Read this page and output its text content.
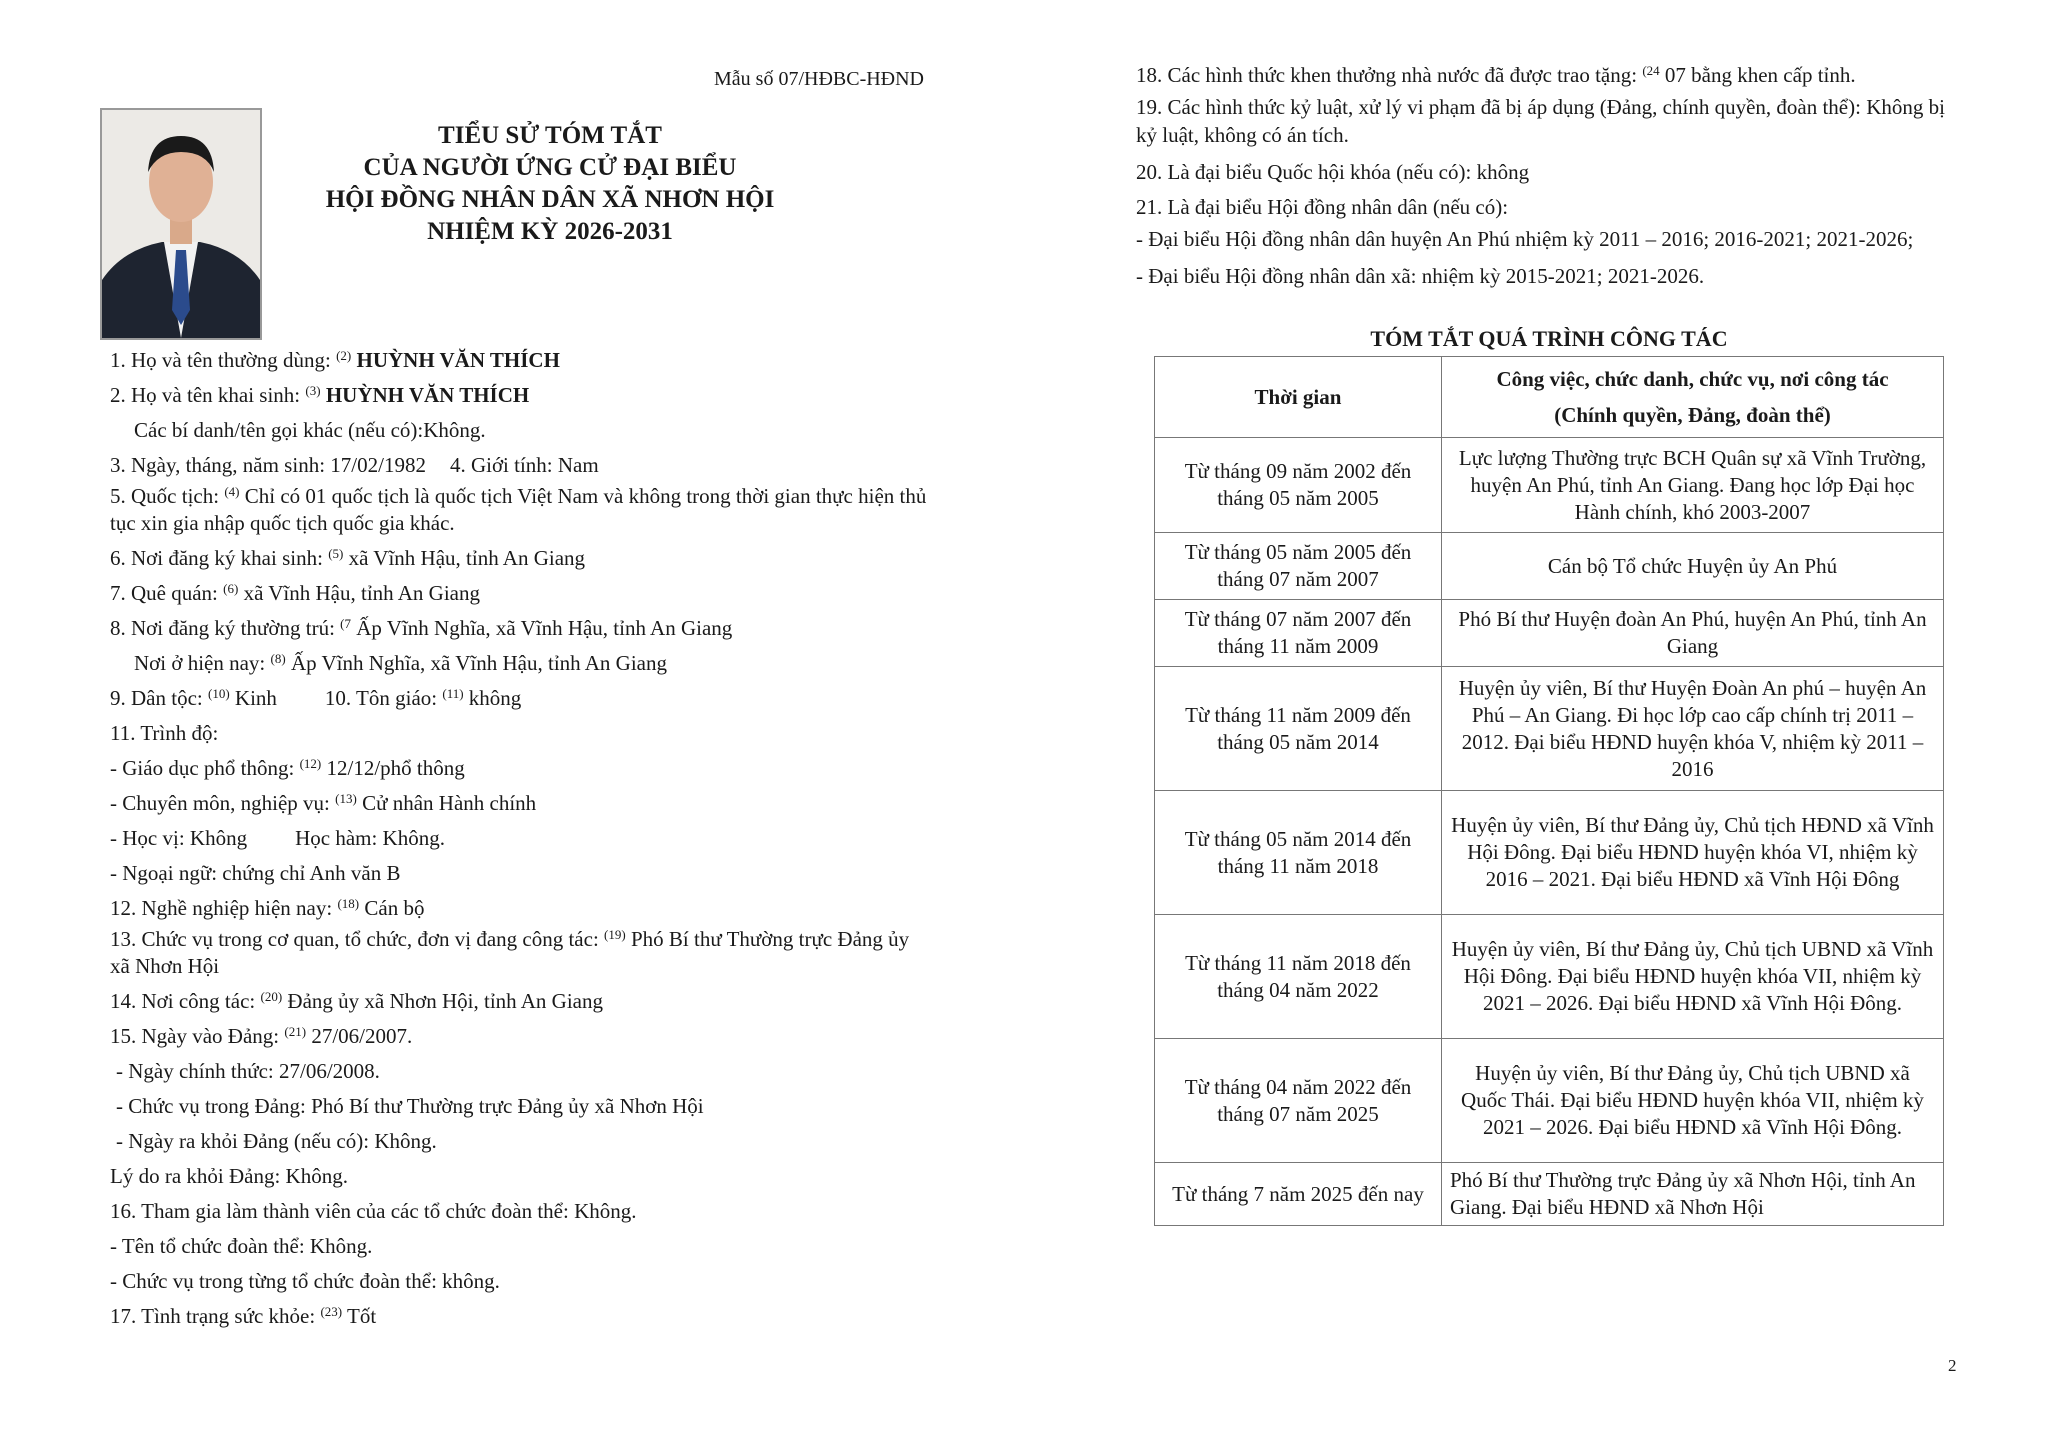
Mẫu số 07/HĐBC-HĐND
TIỂU SỬ TÓM TẮT
CỦA NGƯỜI ỨNG CỬ ĐẠI BIỂU
HỘI ĐỒNG NHÂN DÂN XÃ NHƠN HỘI
NHIỆM KỲ 2026-2031
1. Họ và tên thường dùng: $^{(2)}$ HUỲNH VĂN THÍCH
2. Họ và tên khai sinh: $^{(3)}$ HUỲNH VĂN THÍCH
Các bí danh/tên gọi khác (nếu có):Không.
3. Ngày, tháng, năm sinh: 17/02/1982 4. Giới tính: Nam
5. Quốc tịch: $^{(4)}$ Chỉ có 01 quốc tịch là quốc tịch Việt Nam và không trong thời gian thực hiện thủ tục xin gia nhập quốc tịch quốc gia khác.
6. Nơi đăng ký khai sinh: $^{(5)}$ xã Vĩnh Hậu, tỉnh An Giang
7. Quê quán: $^{(6)}$ xã Vĩnh Hậu, tỉnh An Giang
8. Nơi đăng ký thường trú: $^{(7}$ Ấp Vĩnh Nghĩa, xã Vĩnh Hậu, tỉnh An Giang
Nơi ở hiện nay: $^{(8)}$ Ấp Vĩnh Nghĩa, xã Vĩnh Hậu, tỉnh An Giang
9. Dân tộc: $^{(10)}$ Kinh 10. Tôn giáo: $^{(11)}$ không
11. Trình độ:
- Giáo dục phổ thông: $^{(12)}$ 12/12/phổ thông
- Chuyên môn, nghiệp vụ: $^{(13)}$ Cử nhân Hành chính
- Học vị: Không Học hàm: Không.
- Ngoại ngữ: chứng chỉ Anh văn B
12. Nghề nghiệp hiện nay: $^{(18)}$ Cán bộ
13. Chức vụ trong cơ quan, tổ chức, đơn vị đang công tác: $^{(19)}$ Phó Bí thư Thường trực Đảng ủy xã Nhơn Hội
14. Nơi công tác: $^{(20)}$ Đảng ủy xã Nhơn Hội, tỉnh An Giang
15. Ngày vào Đảng: $^{(21)}$ 27/06/2007.
- Ngày chính thức: 27/06/2008.
- Chức vụ trong Đảng: Phó Bí thư Thường trực Đảng ủy xã Nhơn Hội
- Ngày ra khỏi Đảng (nếu có): Không.
Lý do ra khỏi Đảng: Không.
16. Tham gia làm thành viên của các tổ chức đoàn thể: Không.
- Tên tổ chức đoàn thể: Không.
- Chức vụ trong từng tổ chức đoàn thể: không.
17. Tình trạng sức khỏe: $^{(23)}$ Tốt
18. Các hình thức khen thưởng nhà nước đã được trao tặng: $^{(24}$ 07 bằng khen cấp tỉnh.
19. Các hình thức kỷ luật, xử lý vi phạm đã bị áp dụng (Đảng, chính quyền, đoàn thể): Không bị kỷ luật, không có án tích.
20. Là đại biểu Quốc hội khóa (nếu có): không
21. Là đại biểu Hội đồng nhân dân (nếu có):
- Đại biểu Hội đồng nhân dân huyện An Phú nhiệm kỳ 2011 – 2016; 2016-2021; 2021-2026;
- Đại biểu Hội đồng nhân dân xã: nhiệm kỳ 2015-2021; 2021-2026.
TÓM TẮT QUÁ TRÌNH CÔNG TÁC
Thời gian	Công việc, chức danh, chức vụ, nơi công tác
(Chính quyền, Đảng, đoàn thể)

Từ tháng 09 năm 2002 đến tháng 05 năm 2005	Lực lượng Thường trực BCH Quân sự xã Vĩnh Trường, huyện An Phú, tỉnh An Giang. Đang học lớp Đại học Hành chính, khó 2003-2007
Từ tháng 05 năm 2005 đến tháng 07 năm 2007	Cán bộ Tổ chức Huyện ủy An Phú
Từ tháng 07 năm 2007 đến tháng 11 năm 2009	Phó Bí thư Huyện đoàn An Phú, huyện An Phú, tỉnh An Giang
Từ tháng 11 năm 2009 đến tháng 05 năm 2014	Huyện ủy viên, Bí thư Huyện Đoàn An phú – huyện An Phú – An Giang. Đi học lớp cao cấp chính trị 2011 – 2012. Đại biểu HĐND huyện khóa V, nhiệm kỳ 2011 – 2016
Từ tháng 05 năm 2014 đến tháng 11 năm 2018	Huyện ủy viên, Bí thư Đảng ủy, Chủ tịch HĐND xã Vĩnh Hội Đông. Đại biểu HĐND huyện khóa VI, nhiệm kỳ 2016 – 2021. Đại biểu HĐND xã Vĩnh Hội Đông
Từ tháng 11 năm 2018 đến tháng 04 năm 2022	Huyện ủy viên, Bí thư Đảng ủy, Chủ tịch UBND xã Vĩnh Hội Đông. Đại biểu HĐND huyện khóa VII, nhiệm kỳ 2021 – 2026. Đại biểu HĐND xã Vĩnh Hội Đông.
Từ tháng 04 năm 2022 đến tháng 07 năm 2025	Huyện ủy viên, Bí thư Đảng ủy, Chủ tịch UBND xã Quốc Thái. Đại biểu HĐND huyện khóa VII, nhiệm kỳ 2021 – 2026. Đại biểu HĐND xã Vĩnh Hội Đông.
Từ tháng 7 năm 2025 đến nay	Phó Bí thư Thường trực Đảng ủy xã Nhơn Hội, tỉnh An Giang. Đại biểu HĐND xã Nhơn Hội
2
